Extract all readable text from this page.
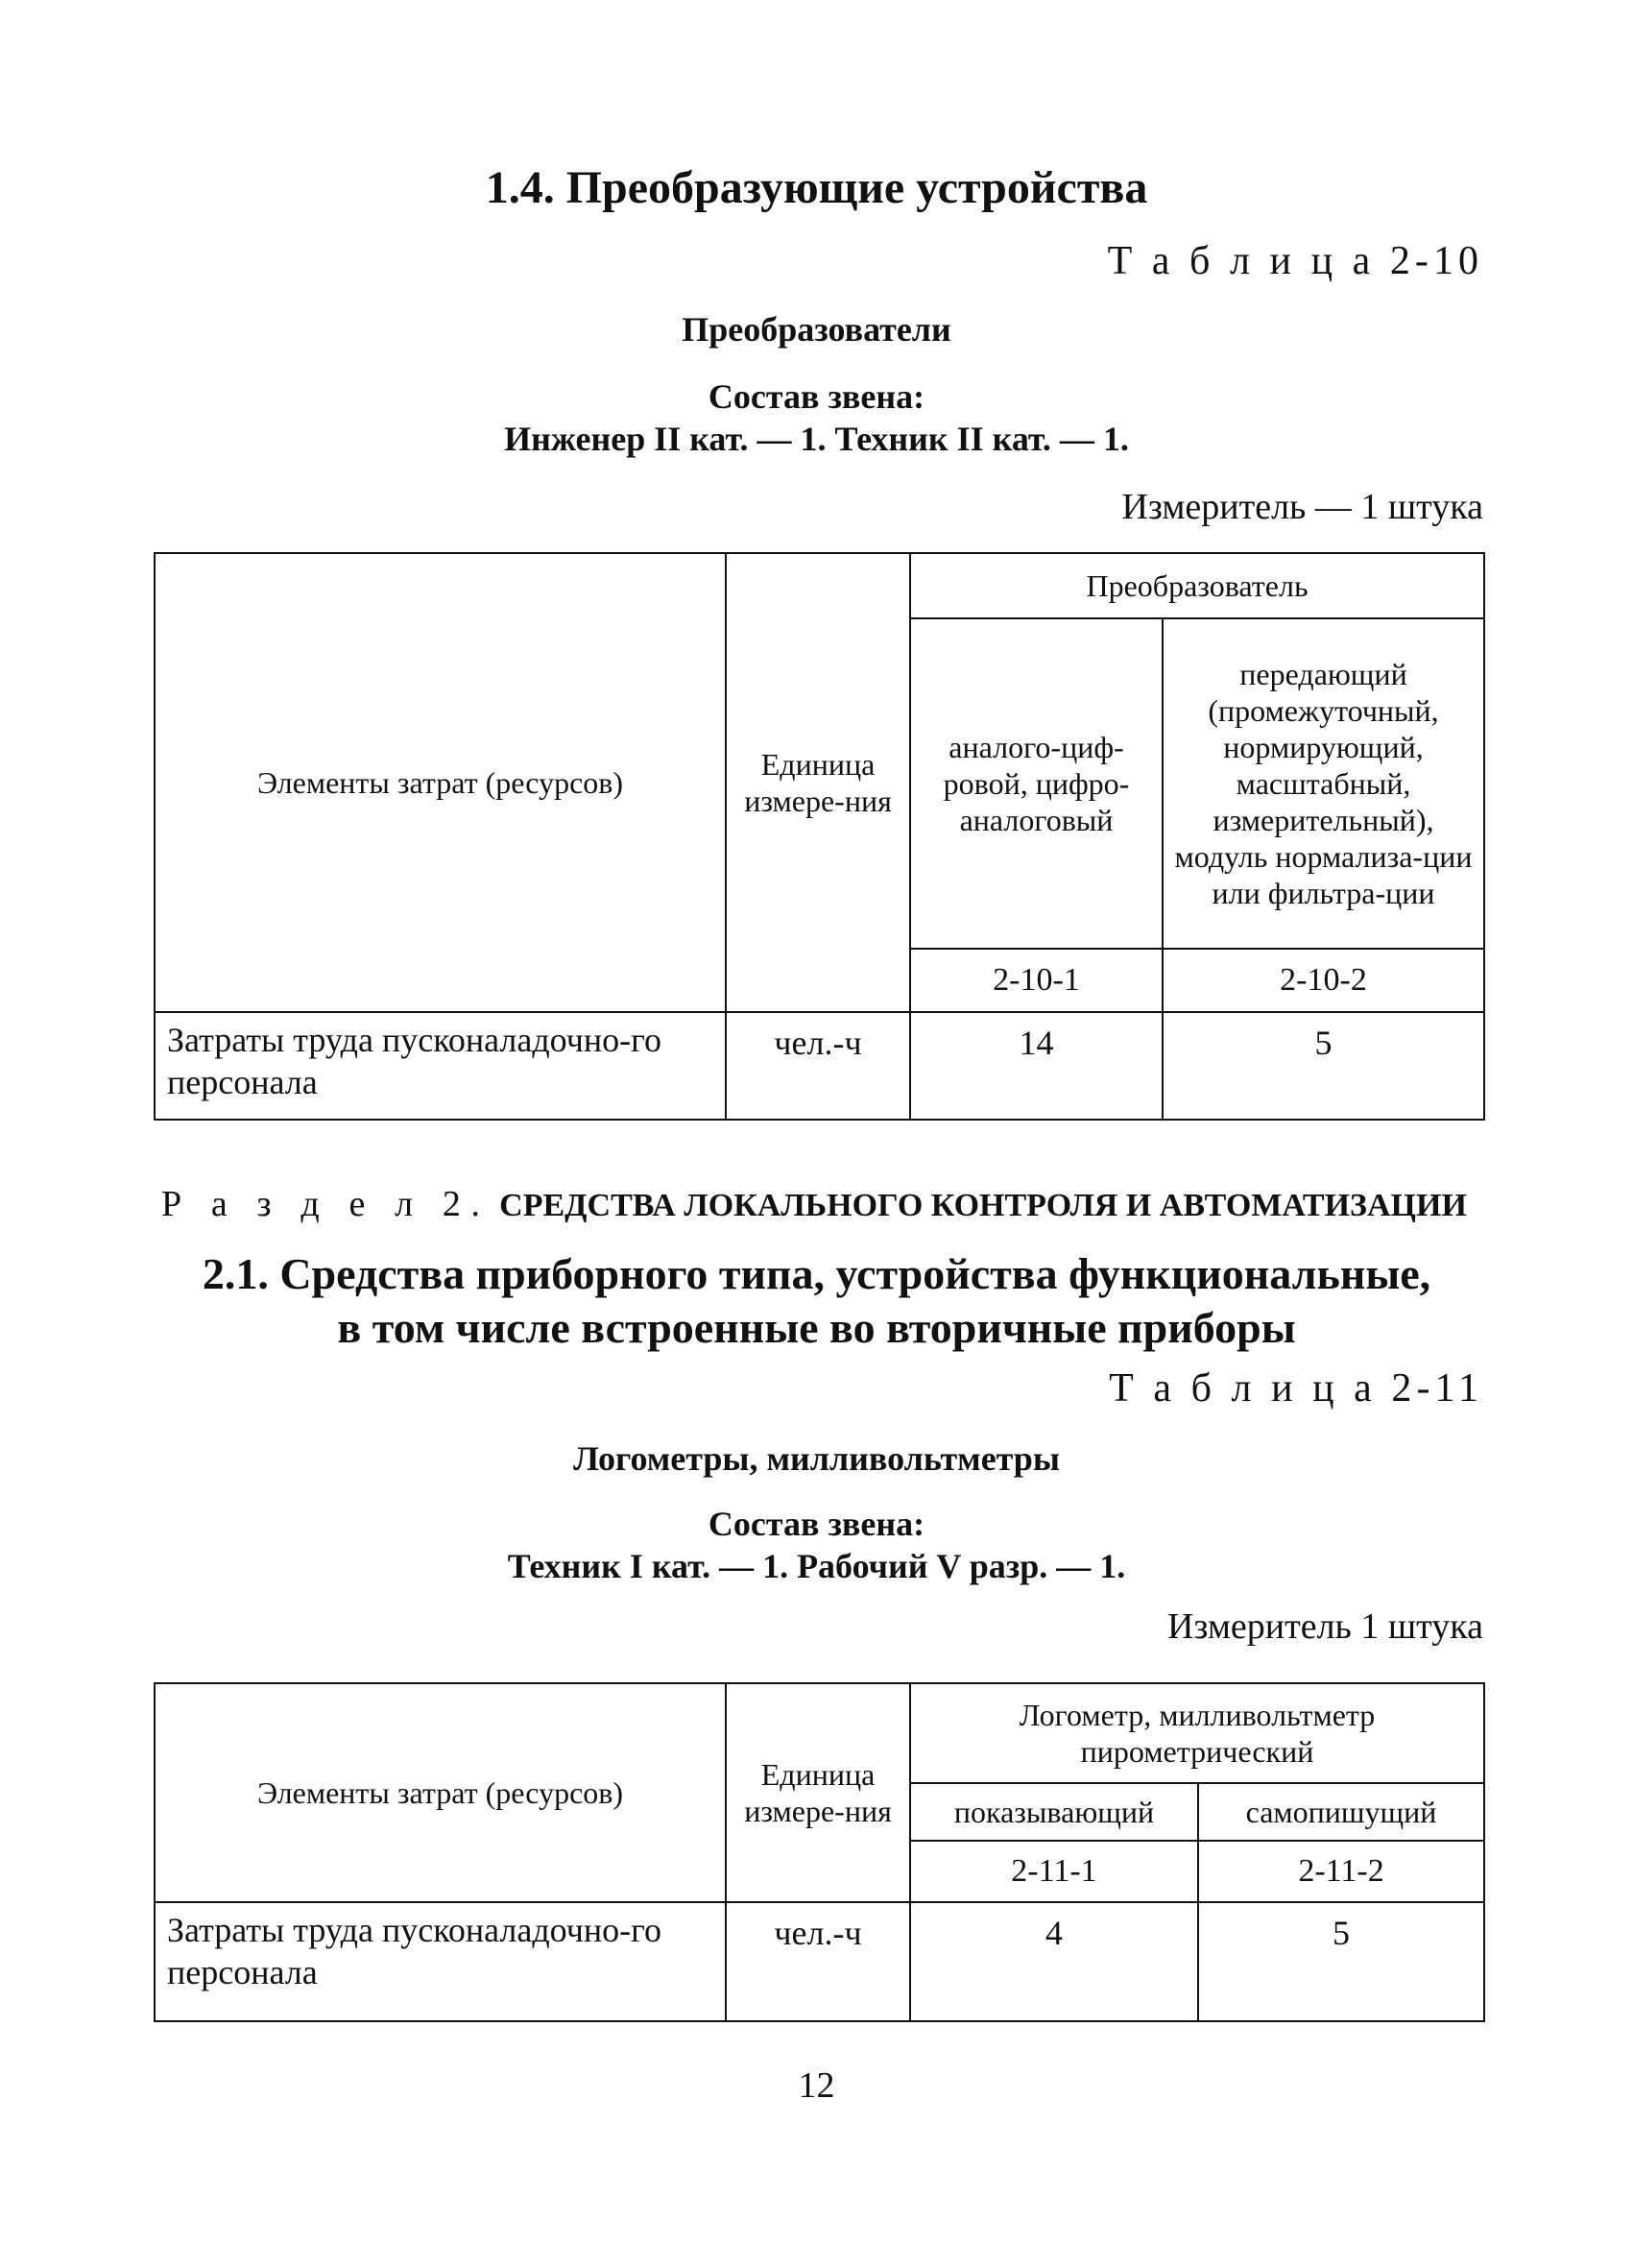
1.4. Преобразующие устройства
Т а б л и ц а 2-10
Преобразователи
Состав звена:
Инженер II кат. — 1. Техник II кат. — 1.
Измеритель — 1 штука
Элементы затрат (ресурсов)	Единица измере-ния	Преобразователь	
		аналого-циф-ровой, цифро-аналоговый	передающий (промежуточный, нормирующий, масштабный, измерительный), модуль нормализа-ции или фильтра-ции
		2-10-1	2-10-2
Затраты труда пусконаладочно-го персонала	чел.-ч	14	5
Р а з д е л 2. СРЕДСТВА ЛОКАЛЬНОГО КОНТРОЛЯ И АВТОМАТИЗАЦИИ
2.1. Средства приборного типа, устройства функциональные,
в том числе встроенные во вторичные приборы
Т а б л и ц а 2-11
Логометры, милливольтметры
Состав звена:
Техник I кат. — 1. Рабочий V разр. — 1.
Измеритель 1 штука
Элементы затрат (ресурсов)	Единица измере-ния	Логометр, милливольтметр пирометрический	
		показывающий	самопишущий
		2-11-1	2-11-2
Затраты труда пусконаладочно-го персонала	чел.-ч	4	5
12
